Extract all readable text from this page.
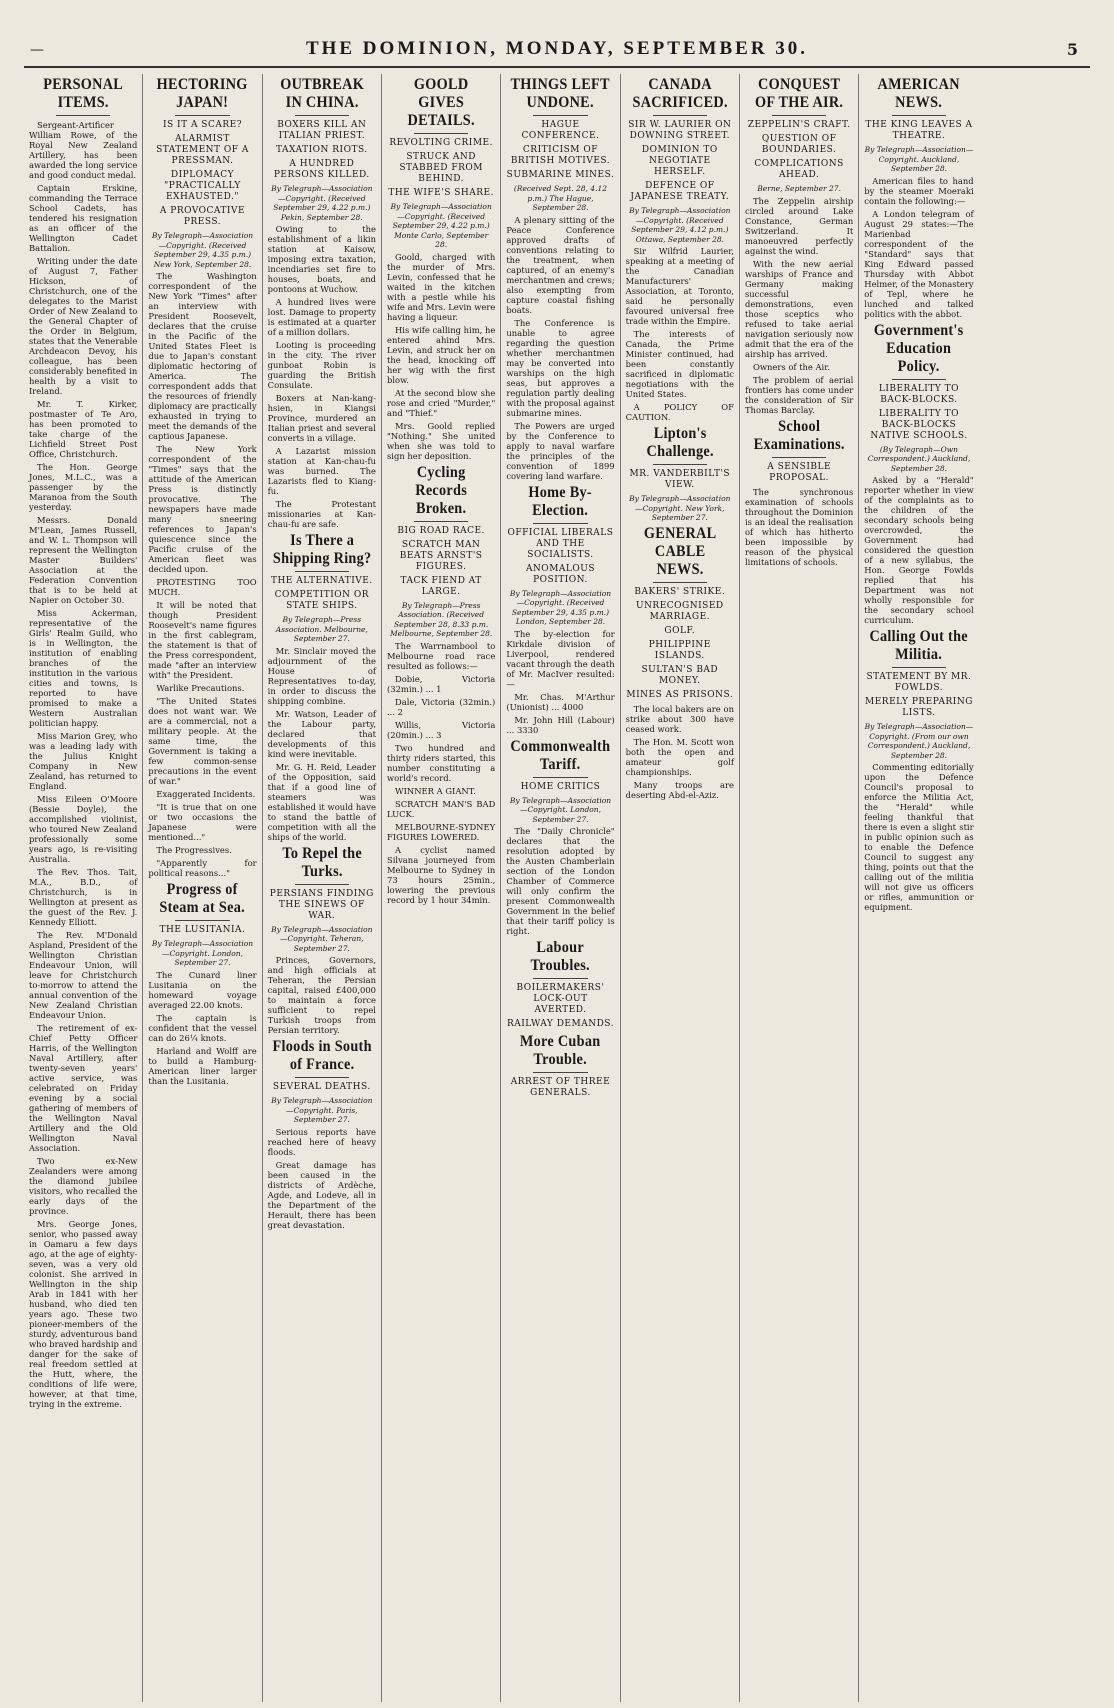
—	THE DOMINION, MONDAY, SEPTEMBER 30.	5
PERSONAL ITEMS.
Sergeant-Artificer William Rowe, of the Royal New Zealand Artillery, has been awarded the long service and good conduct medal.
Captain Erskine, commanding the Terrace School Cadets, has tendered his resignation as an officer of the Wellington Cadet Battalion.
Writing under the date of August 7, Father Hickson, of Christchurch, one of the delegates to the Marist Order of New Zealand to the General Chapter of the Order in Belgium, states that the Venerable Archdeacon Devoy, his colleague, has been considerably benefited in health by a visit to Ireland.
Mr. T. Kirker, postmaster of Te Aro, has been promoted to take charge of the Lichfield Street Post Office, Christchurch.
The Hon. George Jones, M.L.C., was a passenger by the Maranoa from the South yesterday.
Messrs. Donald M'Lean, James Russell, and W. L. Thompson will represent the Wellington Master Builders' Association at the Federation Convention that is to be held at Napier on October 30.
Miss Ackerman, representative of the Girls' Realm Guild, who is in Wellington, the institution of enabling branches of the institution in the various cities and towns, is reported to have promised to make a Western Australian politician happy.
Miss Marion Grey, who was a leading lady with the Julius Knight Company in New Zealand, has returned to England.
Miss Eileen O'Moore (Bessie Doyle), the accomplished violinist, who toured New Zealand professionally some years ago, is re-visiting Australia.
The Rev. Thos. Tait, M.A., B.D., of Christchurch, is in Wellington at present as the guest of the Rev. J. Kennedy Elliott.
The Rev. M'Donald Aspland, President of the Wellington Christian Endeavour Union, will leave for Christchurch to-morrow to attend the annual convention of the New Zealand Christian Endeavour Union.
The retirement of ex-Chief Petty Officer Harris, of the Wellington Naval Artillery, after twenty-seven years' active service, was celebrated on Friday evening by a social gathering of members of the Wellington Naval Artillery and the Old Wellington Naval Association.
Two ex-New Zealanders were among the diamond jubilee visitors, who recalled the early days of the province.
Mrs. George Jones, senior, who passed away in Oamaru a few days ago, at the age of eighty-seven, was a very old colonist. She arrived in Wellington in the ship Arab in 1841 with her husband, who died ten years ago. These two pioneer-members of the sturdy, adventurous band who braved hardship and danger for the sake of real freedom settled at the Hutt, where, the conditions of life were, however, at that time, trying in the extreme.
HECTORING JAPAN!
IS IT A SCARE?
ALARMIST STATEMENT OF A PRESSMAN.
DIPLOMACY "PRACTICALLY EXHAUSTED."
A PROVOCATIVE PRESS.
By Telegraph—Association—Copyright. (Received September 29, 4.35 p.m.) New York, September 28.
The Washington correspondent of the New York "Times" after an interview with President Roosevelt, declares that the cruise in the Pacific of the United States Fleet is due to Japan's constant diplomatic hectoring of America. The correspondent adds that the resources of friendly diplomacy are practically exhausted in trying to meet the demands of the captious Japanese.
The New York correspondent of the "Times" says that the attitude of the American Press is distinctly provocative. The newspapers have made many sneering references to Japan's quiescence since the Pacific cruise of the American fleet was decided upon.
PROTESTING TOO MUCH.
It will be noted that though President Roosevelt's name figures in the first cablegram, the statement is that of the Press correspondent, made "after an interview with" the President.
Warlike Precautions.
"The United States does not want war. We are a commercial, not a military people. At the same time, the Government is taking a few common-sense precautions in the event of war."
Exaggerated Incidents.
"It is true that on one or two occasions the Japanese were mentioned..."
The Progressives.
"Apparently for political reasons..."
Progress of Steam at Sea.
THE LUSITANIA.
By Telegraph—Association—Copyright. London, September 27.
The Cunard liner Lusitania on the homeward voyage averaged 22.00 knots.
The captain is confident that the vessel can do 26¼ knots.
Harland and Wolff are to build a Hamburg-American liner larger than the Lusitania.
OUTBREAK IN CHINA.
BOXERS KILL AN ITALIAN PRIEST.
TAXATION RIOTS.
A HUNDRED PERSONS KILLED.
By Telegraph—Association—Copyright. (Received September 29, 4.22 p.m.) Pekin, September 28.
Owing to the establishment of a likin station at Kaisow, imposing extra taxation, incendiaries set fire to houses, boats, and pontoons at Wuchow.
A hundred lives were lost. Damage to property is estimated at a quarter of a million dollars.
Looting is proceeding in the city. The river gunboat Robin is guarding the British Consulate.
Boxers at Nan-kang-hsien, in Kiangsi Province, murdered an Italian priest and several converts in a village.
A Lazarist mission station at Kan-chau-fu was burned. The Lazarists fled to Kiang-fu.
The Protestant missionaries at Kan-chau-fu are safe.
Is There a Shipping Ring?
THE ALTERNATIVE.
COMPETITION OR STATE SHIPS.
By Telegraph—Press Association. Melbourne, September 27.
Mr. Sinclair moved the adjournment of the House of Representatives to-day, in order to discuss the shipping combine.
Mr. Watson, Leader of the Labour party, declared that developments of this kind were inevitable.
Mr. G. H. Reid, Leader of the Opposition, said that if a good line of steamers was established it would have to stand the battle of competition with all the ships of the world.
To Repel the Turks.
PERSIANS FINDING THE SINEWS OF WAR.
By Telegraph—Association—Copyright. Teheran, September 27.
Princes, Governors, and high officials at Teheran, the Persian capital, raised £400,000 to maintain a force sufficient to repel Turkish troops from Persian territory.
Floods in South of France.
SEVERAL DEATHS.
By Telegraph—Association—Copyright. Paris, September 27.
Serious reports have reached here of heavy floods.
Great damage has been caused in the districts of Ardèche, Agde, and Lodeve, all in the Department of the Herault, there has been great devastation.
GOOLD GIVES DETAILS.
REVOLTING CRIME.
STRUCK AND STABBED FROM BEHIND.
THE WIFE'S SHARE.
By Telegraph—Association—Copyright. (Received September 29, 4.22 p.m.) Monte Carlo, September 28.
Goold, charged with the murder of Mrs. Levin, confessed that he waited in the kitchen with a pestle while his wife and Mrs. Levin were having a liqueur.
His wife calling him, he entered ahind Mrs. Levin, and struck her on the head, knocking off her wig with the first blow.
At the second blow she rose and cried "Murder," and "Thief."
Mrs. Goold replied "Nothing." She united when she was told to sign her deposition.
Cycling Records Broken.
BIG ROAD RACE.
SCRATCH MAN BEATS ARNST'S FIGURES.
TACK FIEND AT LARGE.
By Telegraph—Press Association. (Received September 28, 8.33 p.m. Melbourne, September 28.
The Warrnambool to Melbourne road race resulted as follows:—
Dobie, Victoria (32min.) ... 1
Dale, Victoria (32min.) ... 2
Willis, Victoria (20min.) ... 3
Two hundred and thirty riders started, this number constituting a world's record.
WINNER A GIANT.
SCRATCH MAN'S BAD LUCK.
MELBOURNE-SYDNEY FIGURES LOWERED.
A cyclist named Silvana journeyed from Melbourne to Sydney in 73 hours 25min., lowering the previous record by 1 hour 34min.
THINGS LEFT UNDONE.
HAGUE CONFERENCE.
CRITICISM OF BRITISH MOTIVES.
SUBMARINE MINES.
(Received Sept. 28, 4.12 p.m.) The Hague, September 28.
A plenary sitting of the Peace Conference approved drafts of conventions relating to the treatment, when captured, of an enemy's merchantmen and crews; also exempting from capture coastal fishing boats.
The Conference is unable to agree regarding the question whether merchantmen may be converted into warships on the high seas, but approves a regulation partly dealing with the proposal against submarine mines.
The Powers are urged by the Conference to apply to naval warfare the principles of the convention of 1899 covering land warfare.
Home By-Election.
OFFICIAL LIBERALS AND THE SOCIALISTS.
ANOMALOUS POSITION.
By Telegraph—Association—Copyright. (Received September 29, 4.35 p.m.) London, September 28.
The by-election for Kirkdale division of Liverpool, rendered vacant through the death of Mr. MacIver resulted:—
Mr. Chas. M'Arthur (Unionist) ... 4000
Mr. John Hill (Labour) ... 3330
Commonwealth Tariff.
HOME CRITICS
By Telegraph—Association—Copyright. London, September 27.
The "Daily Chronicle" declares that the resolution adopted by the Austen Chamberlain section of the London Chamber of Commerce will only confirm the present Commonwealth Government in the belief that their tariff policy is right.
Labour Troubles.
BOILERMAKERS' LOCK-OUT AVERTED.
RAILWAY DEMANDS.
More Cuban Trouble.
ARREST OF THREE GENERALS.
CANADA SACRIFICED.
SIR W. LAURIER ON DOWNING STREET.
DOMINION TO NEGOTIATE HERSELF.
DEFENCE OF JAPANESE TREATY.
By Telegraph—Association—Copyright. (Received September 29, 4.12 p.m.) Ottawa, September 28.
Sir Wilfrid Laurier, speaking at a meeting of the Canadian Manufacturers' Association, at Toronto, said he personally favoured universal free trade within the Empire.
The interests of Canada, the Prime Minister continued, had been constantly sacrificed in diplomatic negotiations with the United States.
A POLICY OF CAUTION.
Lipton's Challenge.
MR. VANDERBILT'S VIEW.
By Telegraph—Association—Copyright. New York, September 27.
GENERAL CABLE NEWS.
BAKERS' STRIKE.
UNRECOGNISED MARRIAGE.
GOLF.
PHILIPPINE ISLANDS.
SULTAN'S BAD MONEY.
MINES AS PRISONS.
The local bakers are on strike about 300 have ceased work.
The Hon. M. Scott won both the open and amateur golf championships.
Many troops are deserting Abd-el-Aziz.
CONQUEST OF THE AIR.
ZEPPELIN'S CRAFT.
QUESTION OF BOUNDARIES.
COMPLICATIONS AHEAD.
Berne, September 27.
The Zeppelin airship circled around Lake Constance, German Switzerland. It manoeuvred perfectly against the wind.
With the new aerial warships of France and Germany making successful demonstrations, even those sceptics who refused to take aerial navigation seriously now admit that the era of the airship has arrived.
Owners of the Air.
The problem of aerial frontiers has come under the consideration of Sir Thomas Barclay.
School Examinations.
A SENSIBLE PROPOSAL.
The synchronous examination of schools throughout the Dominion is an ideal the realisation of which has hitherto been impossible by reason of the physical limitations of schools.
AMERICAN NEWS.
THE KING LEAVES A THEATRE.
By Telegraph—Association—Copyright. Auckland, September 28.
American files to hand by the steamer Moeraki contain the following:—
A London telegram of August 29 states:—The Marienbad correspondent of the "Standard" says that King Edward passed Thursday with Abbot Helmer, of the Monastery of Tepl, where he lunched and talked politics with the abbot.
Government's Education Policy.
LIBERALITY TO BACK-BLOCKS.
LIBERALITY TO BACK-BLOCKS NATIVE SCHOOLS.
(By Telegraph—Own Correspondent.) Auckland, September 28.
Asked by a "Herald" reporter whether in view of the complaints as to the children of the secondary schools being overcrowded, the Government had considered the question of a new syllabus, the Hon. George Fowlds replied that his Department was not wholly responsible for the secondary school curriculum.
Calling Out the Militia.
STATEMENT BY MR. FOWLDS.
MERELY PREPARING LISTS.
By Telegraph—Association—Copyright. (From our own Correspondent.) Auckland, September 28.
Commenting editorially upon the Defence Council's proposal to enforce the Militia Act, the "Herald" while feeling thankful that there is even a slight stir in public opinion such as to enable the Defence Council to suggest any thing, points out that the calling out of the militia will not give us officers or rifles, ammunition or equipment.
